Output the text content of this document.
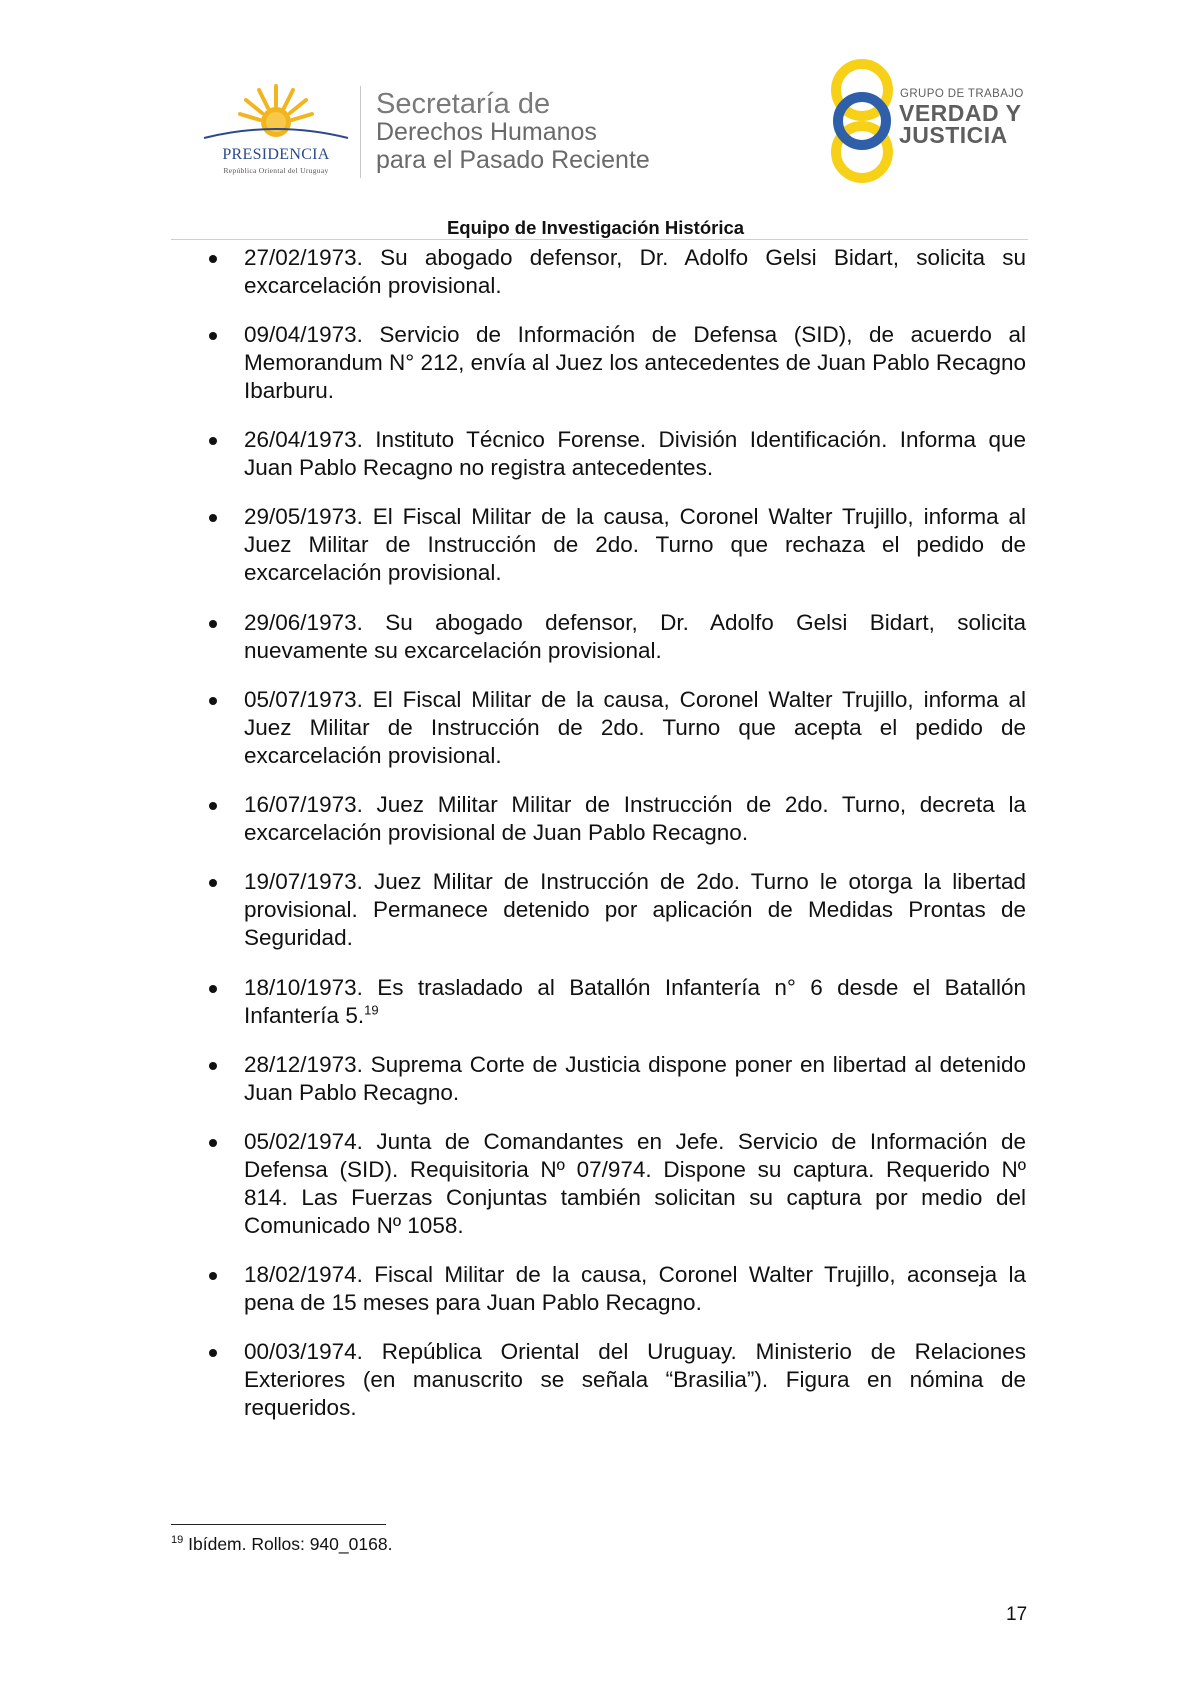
PRESIDENCIA
República Oriental del Uruguay
Secretaría de
Derechos Humanos
para el Pasado Reciente
GRUPO DE TRABAJO
VERDAD Y
JUSTICIA
Equipo de Investigación Histórica
27/02/1973. Su abogado defensor, Dr. Adolfo Gelsi Bidart, solicita su excarcelación provisional.
09/04/1973. Servicio de Información de Defensa (SID), de acuerdo al Memorandum N° 212, envía al Juez los antecedentes de Juan Pablo Recagno Ibarburu.
26/04/1973. Instituto Técnico Forense. División Identificación. Informa que Juan Pablo Recagno no registra antecedentes.
29/05/1973. El Fiscal Militar de la causa, Coronel Walter Trujillo, informa al Juez Militar de Instrucción de 2do. Turno que rechaza el pedido de excarcelación provisional.
29/06/1973. Su abogado defensor, Dr. Adolfo Gelsi Bidart, solicita nuevamente su excarcelación provisional.
05/07/1973. El Fiscal Militar de la causa, Coronel Walter Trujillo, informa al Juez Militar de Instrucción de 2do. Turno que acepta el pedido de excarcelación provisional.
16/07/1973. Juez Militar Militar de Instrucción de 2do. Turno, decreta la excarcelación provisional de Juan Pablo Recagno.
19/07/1973. Juez Militar de Instrucción de 2do. Turno le otorga la libertad provisional. Permanece detenido por aplicación de Medidas Prontas de Seguridad.
18/10/1973. Es trasladado al Batallón Infantería n° 6 desde el Batallón Infantería 5.19
28/12/1973. Suprema Corte de Justicia dispone poner en libertad al detenido Juan Pablo Recagno.
05/02/1974. Junta de Comandantes en Jefe. Servicio de Información de Defensa (SID). Requisitoria Nº 07/974. Dispone su captura. Requerido Nº 814. Las Fuerzas Conjuntas también solicitan su captura por medio del Comunicado Nº 1058.
18/02/1974. Fiscal Militar de la causa, Coronel Walter Trujillo, aconseja la pena de 15 meses para Juan Pablo Recagno.
00/03/1974. República Oriental del Uruguay. Ministerio de Relaciones Exteriores (en manuscrito se señala “Brasilia”). Figura en nómina de requeridos.
$^{19}$ Ibídem. Rollos: 940_0168.
17
